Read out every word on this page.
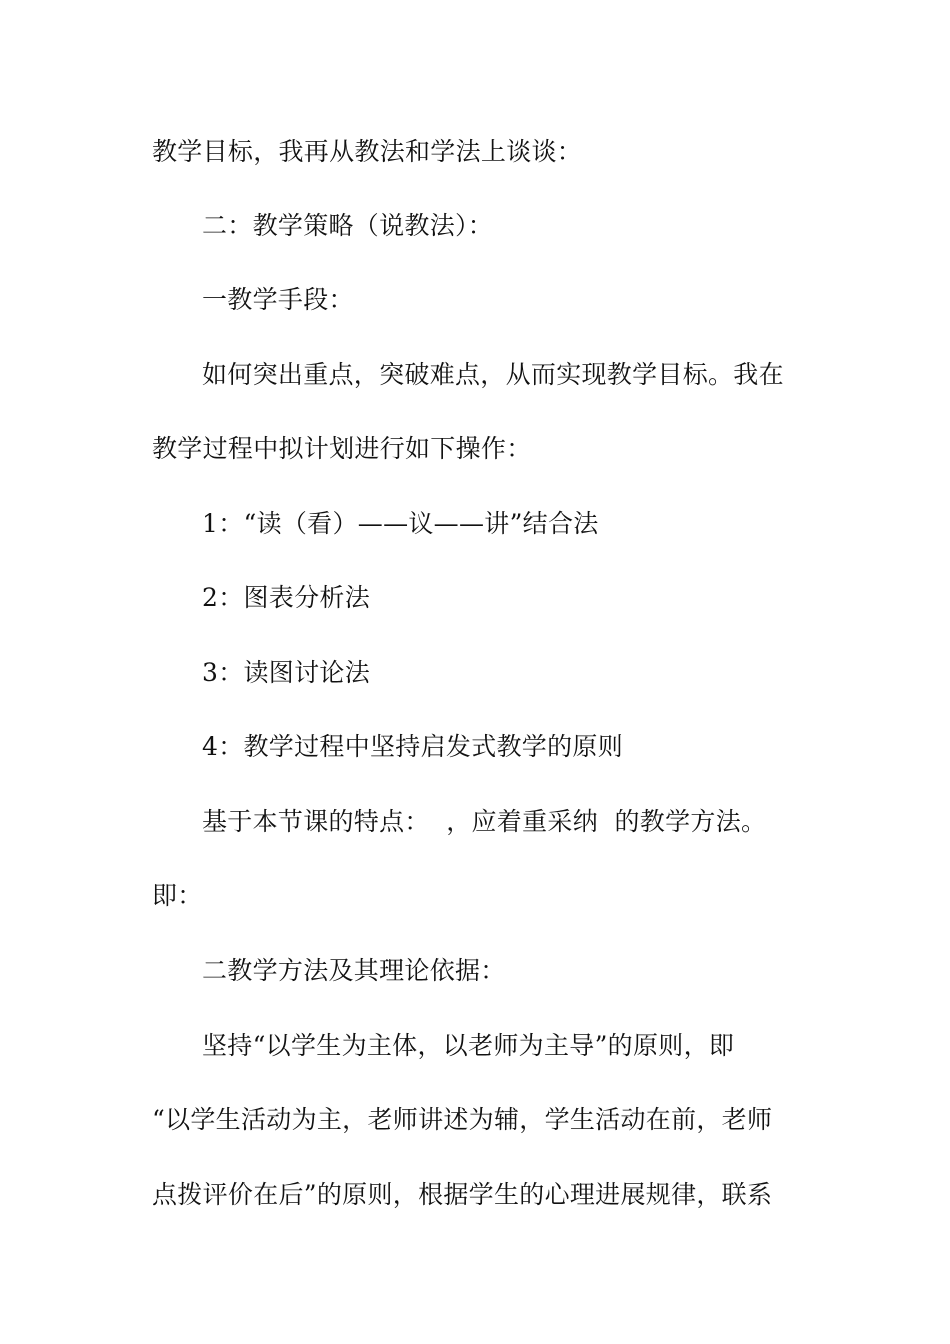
教学目标，我再从教法和学法上谈谈：
二：教学策略（说教法）：
一教学手段：
如何突出重点，突破难点，从而实现教学目标。我在
教学过程中拟计划进行如下操作：
1：“读（看）——议——讲”结合法
2：图表分析法
3：读图讨论法
4：教学过程中坚持启发式教学的原则
基于本节课的特点：  ，应着重采纳  的教学方法。
即：
二教学方法及其理论依据：
坚持“以学生为主体，以老师为主导”的原则，即
“以学生活动为主，老师讲述为辅，学生活动在前，老师
点拨评价在后”的原则，根据学生的心理进展规律，联系
